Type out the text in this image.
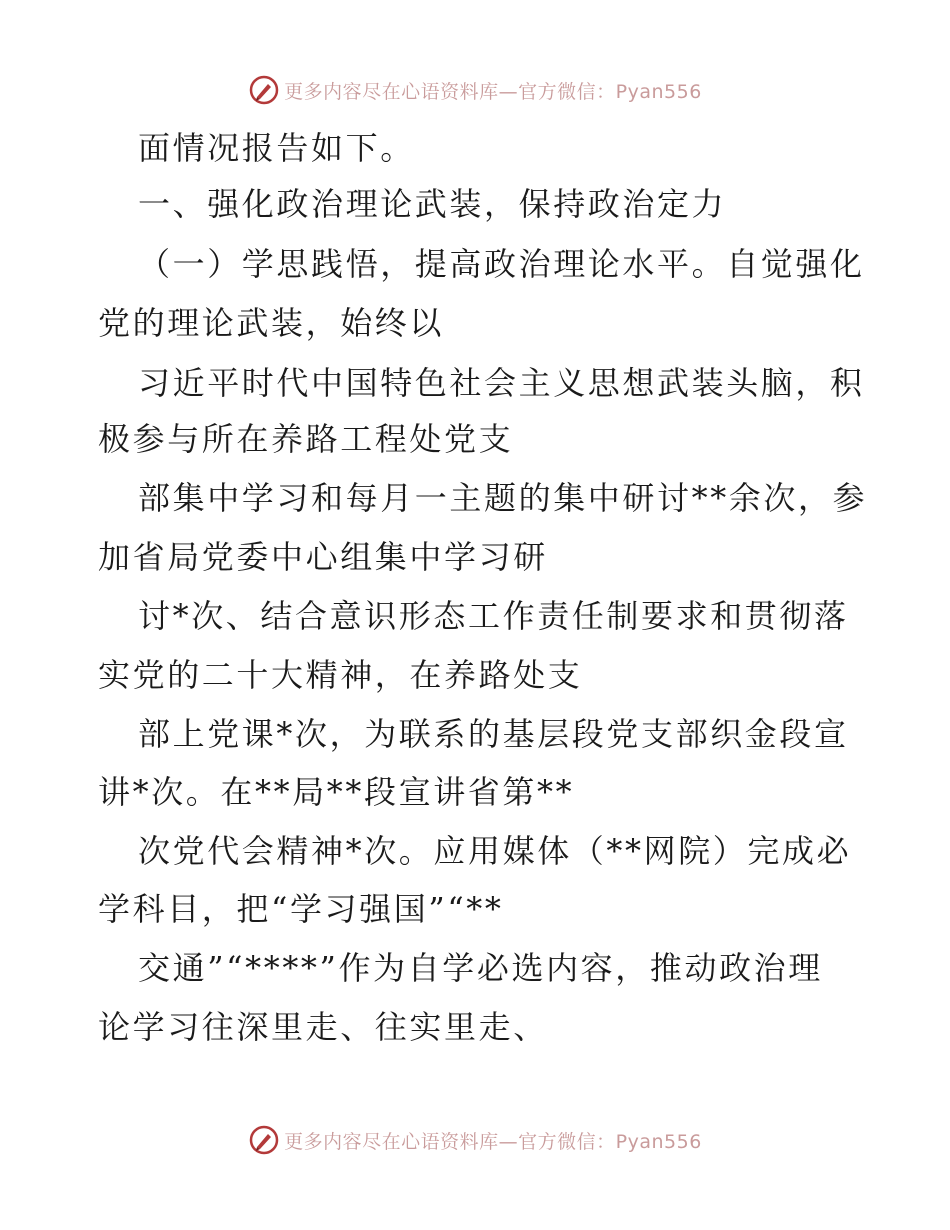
更多内容尽在心语资料库—官方微信：Pyan556
面情况报告如下。
一、强化政治理论武装，保持政治定力
（一）学思践悟，提高政治理论水平。自觉强化
党的理论武装，始终以
习近平时代中国特色社会主义思想武装头脑，积
极参与所在养路工程处党支
部集中学习和每月一主题的集中研讨**余次，参
加省局党委中心组集中学习研
讨*次、结合意识形态工作责任制要求和贯彻落
实党的二十大精神，在养路处支
部上党课*次，为联系的基层段党支部织金段宣
讲*次。在**局**段宣讲省第**
次党代会精神*次。应用媒体（**网院）完成必
学科目，把“学习强国”“**
交通”“****”作为自学必选内容，推动政治理
论学习往深里走、往实里走、
更多内容尽在心语资料库—官方微信：Pyan556
